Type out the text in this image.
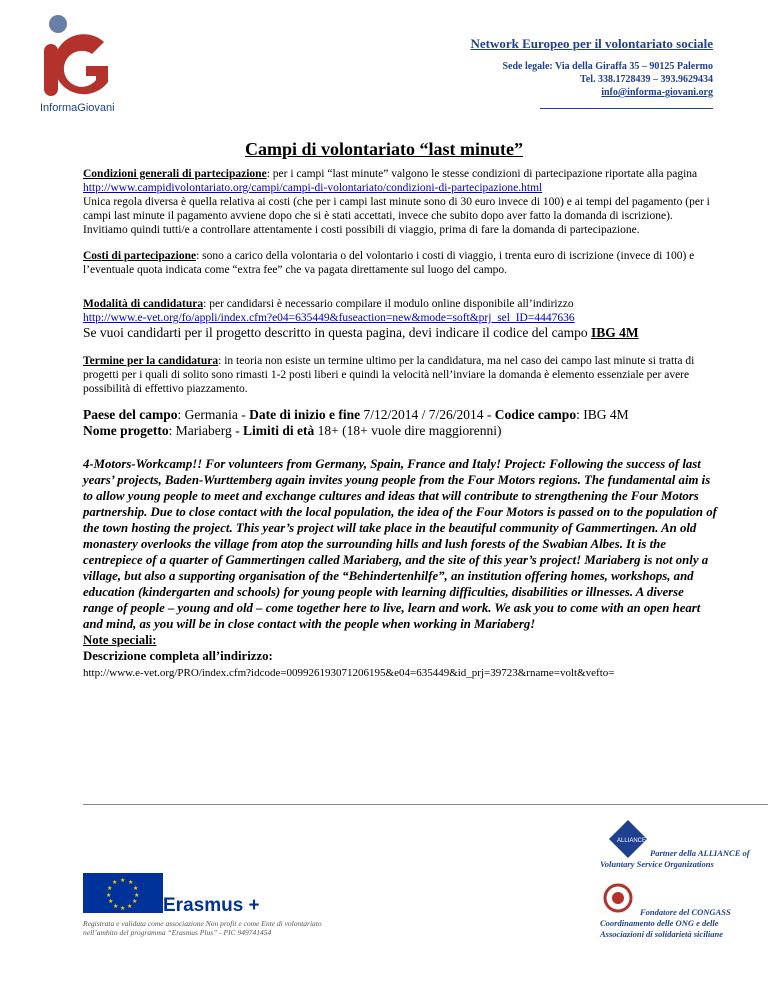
InformaGiovani
Network Europeo per il volontariato sociale
Sede legale: Via della Giraffa 35 – 90125 Palermo
Tel. 338.1728439 – 393.9629434
info@informa-giovani.org
Campi di volontariato “last minute”
Condizioni generali di partecipazione: per i campi “last minute” valgono le stesse condizioni di partecipazione riportate alla pagina http://www.campidivolontariato.org/campi/campi-di-volontariato/condizioni-di-partecipazione.html
Unica regola diversa è quella relativa ai costi (che per i campi last minute sono di 30 euro invece di 100) e ai tempi del pagamento (per i campi last minute il pagamento avviene dopo che si è stati accettati, invece che subito dopo aver fatto la domanda di iscrizione).
Invitiamo quindi tutti/e a controllare attentamente i costi possibili di viaggio, prima di fare la domanda di partecipazione.
Costi di partecipazione: sono a carico della volontaria o del volontario i costi di viaggio, i trenta euro di iscrizione (invece di 100) e l’eventuale quota indicata come “extra fee” che va pagata direttamente sul luogo del campo.
Modalità di candidatura: per candidarsi è necessario compilare il modulo online disponibile all’indirizzo
http://www.e-vet.org/fo/appli/index.cfm?e04=635449&fuseaction=new&mode=soft&prj_sel_ID=4447636
Se vuoi candidarti per il progetto descritto in questa pagina, devi indicare il codice del campo IBG 4M
Termine per la candidatura: in teoria non esiste un termine ultimo per la candidatura, ma nel caso dei campo last minute si tratta di progetti per i quali di solito sono rimasti 1-2 posti liberi e quindi la velocità nell’inviare la domanda è elemento essenziale per avere possibilità di effettivo piazzamento.
Paese del campo: Germania - Date di inizio e fine 7/12/2014 / 7/26/2014 - Codice campo: IBG 4M
Nome progetto: Mariaberg - Limiti di età 18+ (18+ vuole dire maggiorenni)
4-Motors-Workcamp!! For volunteers from Germany, Spain, France and Italy! Project: Following the success of last years’ projects, Baden-Wurttemberg again invites young people from the Four Motors regions. The fundamental aim is to allow young people to meet and exchange cultures and ideas that will contribute to strengthening the Four Motors partnership. Due to close contact with the local population, the idea of the Four Motors is passed on to the population of the town hosting the project. This year’s project will take place in the beautiful community of Gammertingen. An old monastery overlooks the village from atop the surrounding hills and lush forests of the Swabian Albes. It is the centrepiece of a quarter of Gammertingen called Mariaberg, and the site of this year’s project! Mariaberg is not only a village, but also a supporting organisation of the “Behindertenhilfe”, an institution offering homes, workshops, and education (kindergarten and schools) for young people with learning difficulties, disabilities or illnesses. A diverse range of people – young and old – come together here to live, learn and work. We ask you to come with an open heart and mind, as you will be in close contact with the people when working in Mariaberg!
Note speciali:
Descrizione completa all’indirizzo:
http://www.e-vet.org/PRO/index.cfm?idcode=009926193071206195&e04=635449&id_prj=39723&rname=volt&vefto=
★ ★
★
★
★
★
★
★
★
★
★
★
Erasmus +
Registrata e validata come associazione Non profit e come Ente di volontariato nell’ambito del programma “Erasmus Plus” - PIC 949741454
ALLIANCE
Partner della ALLIANCE of Voluntary Service Organizations
Fondatore del CONGASS Coordinamento delle ONG e delle Associazioni di solidarietà siciliane
